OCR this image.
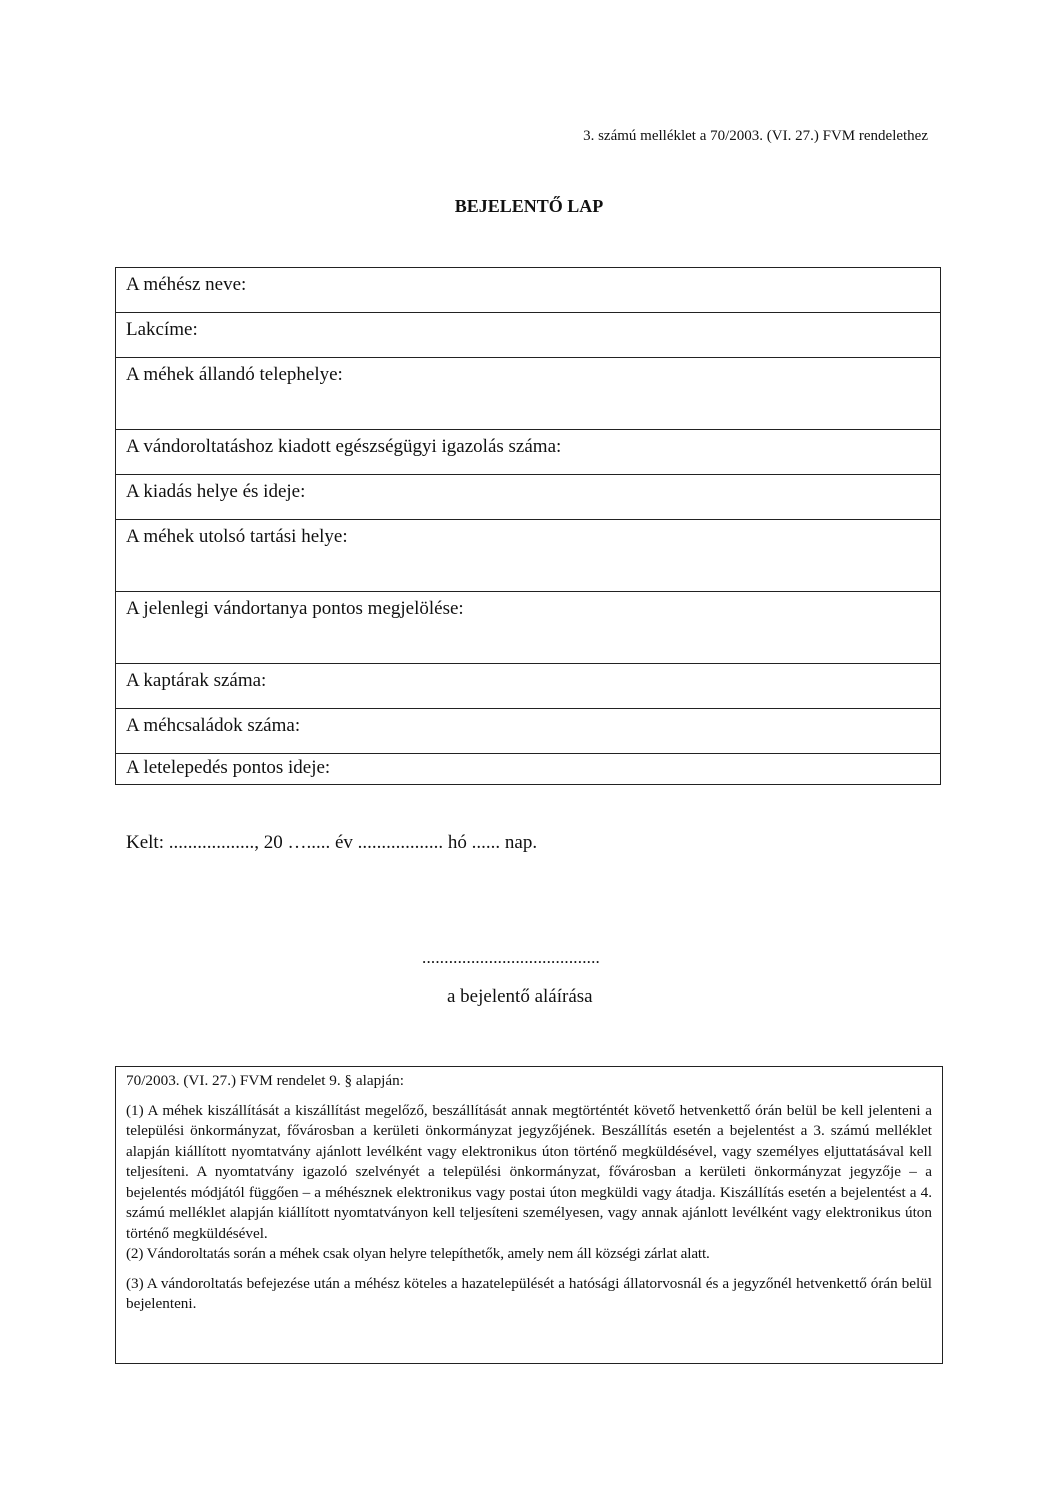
3. számú melléklet a 70/2003. (VI. 27.) FVM rendelethez
BEJELENTŐ LAP
A méhész neve:
Lakcíme:
A méhek állandó telephelye:
A vándoroltatáshoz kiadott egészségügyi igazolás száma:
A kiadás helye és ideje:
A méhek utolsó tartási helye:
A jelenlegi vándortanya pontos megjelölése:
A kaptárak száma:
A méhcsaládok száma:
A letelepedés pontos ideje:
Kelt: .................., 20 …..... év .................. hó ...... nap.
........................................
a bejelentő aláírása

70/2003. (VI. 27.) FVM rendelet 9. § alapján:

(1) A méhek kiszállítását a kiszállítást megelőző, beszállítását annak megtörténtét követő hetvenkettő órán belül be kell jelenteni a települési önkormányzat, fővárosban a kerületi önkormányzat jegyzőjének. Beszállítás esetén a bejelentést a 3. számú melléklet alapján kiállított nyomtatvány ajánlott levélként vagy elektronikus úton történő megküldésével, vagy személyes eljuttatásával kell teljesíteni. A nyomtatvány igazoló szelvényét a települési önkormányzat, fővárosban a kerületi önkormányzat jegyzője – a bejelentés módjától függően – a méhésznek elektronikus vagy postai úton megküldi vagy átadja. Kiszállítás esetén a bejelentést a 4. számú melléklet alapján kiállított nyomtatványon kell teljesíteni személyesen, vagy annak ajánlott levélként vagy elektronikus úton történő megküldésével.

(2) Vándoroltatás során a méhek csak olyan helyre telepíthetők, amely nem áll községi zárlat alatt.

(3) A vándoroltatás befejezése után a méhész köteles a hazatelepülését a hatósági állatorvosnál és a jegyzőnél hetvenkettő órán belül bejelenteni.
